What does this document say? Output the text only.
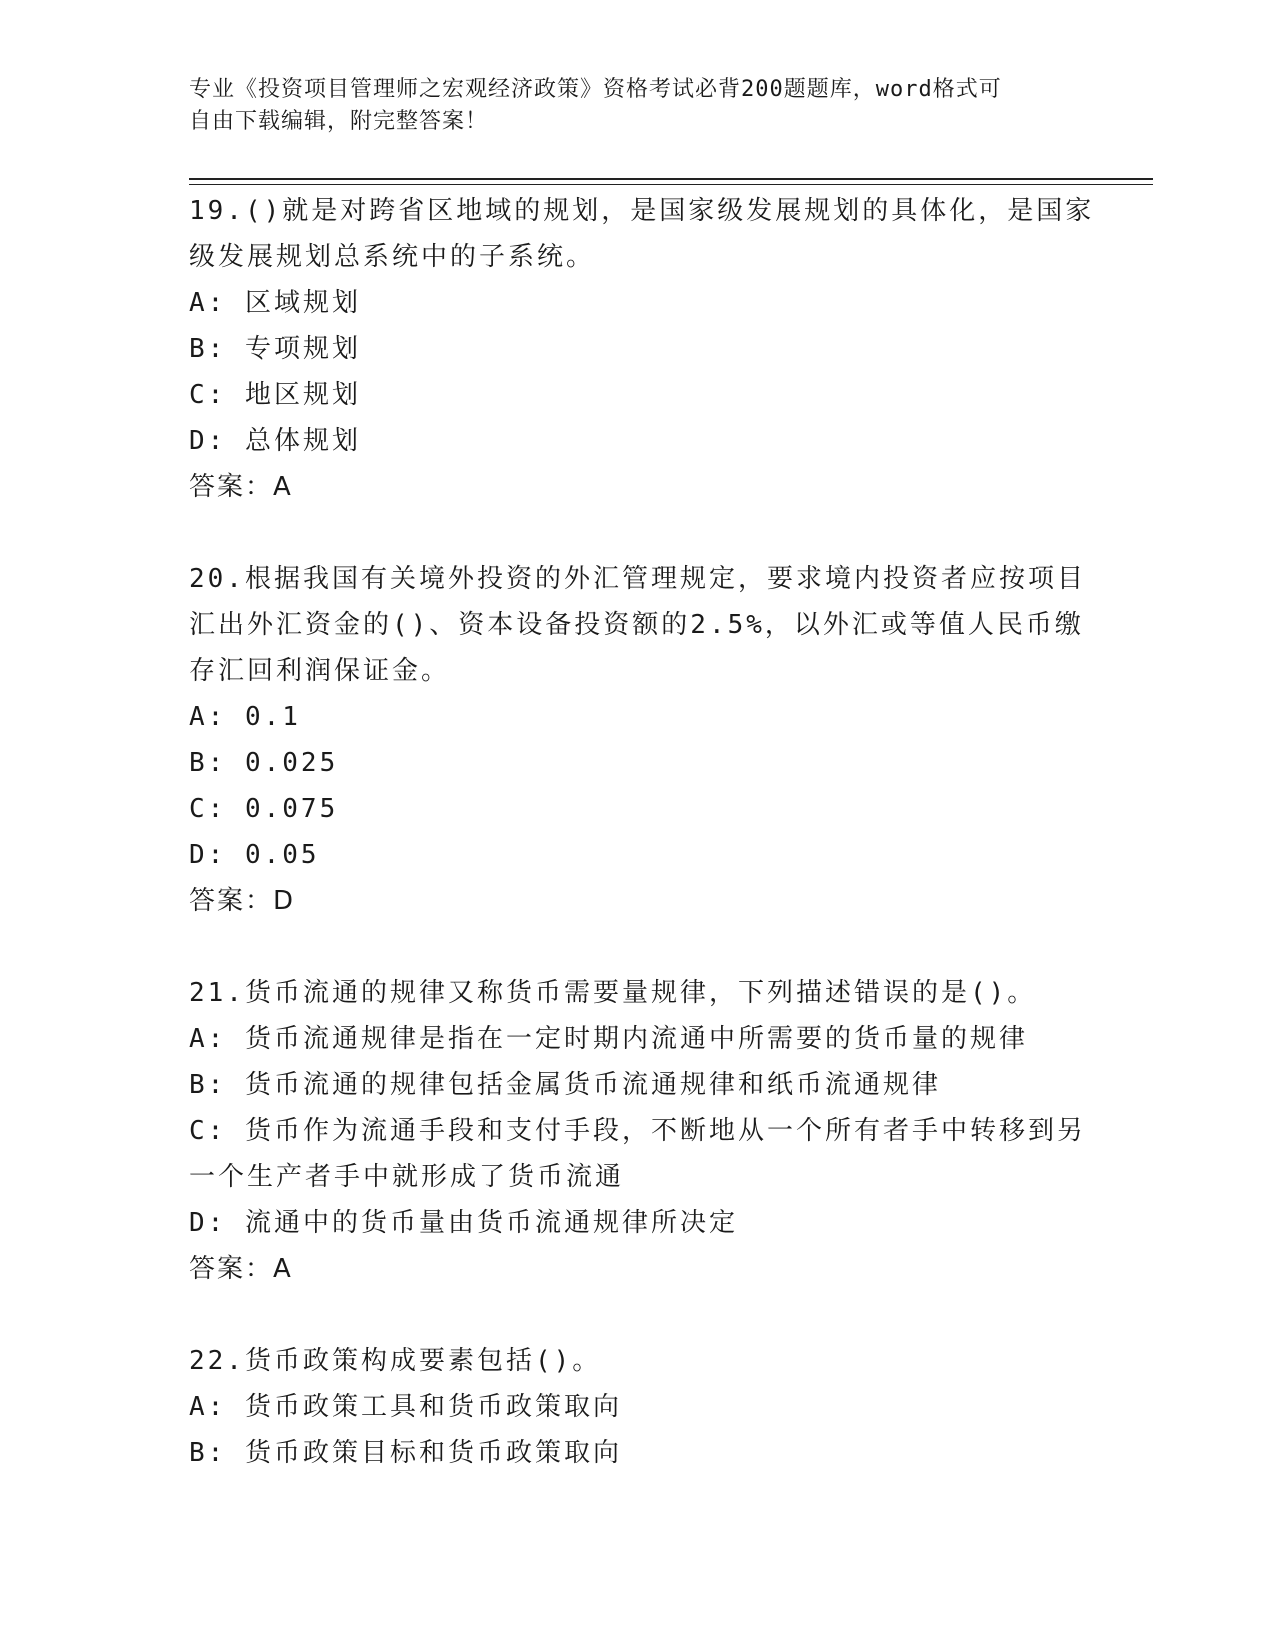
专业《投资项目管理师之宏观经济政策》资格考试必背200题题库，word格式可
自由下载编辑，附完整答案！
19.()就是对跨省区地域的规划，是国家级发展规划的具体化，是国家
级发展规划总系统中的子系统。
A: 区域规划
B: 专项规划
C: 地区规划
D: 总体规划
答案：A
20.根据我国有关境外投资的外汇管理规定，要求境内投资者应按项目
汇出外汇资金的()、资本设备投资额的2.5%，以外汇或等值人民币缴
存汇回利润保证金。
A: 0.1
B: 0.025
C: 0.075
D: 0.05
答案：D
21.货币流通的规律又称货币需要量规律，下列描述错误的是()。
A: 货币流通规律是指在一定时期内流通中所需要的货币量的规律
B: 货币流通的规律包括金属货币流通规律和纸币流通规律
C: 货币作为流通手段和支付手段，不断地从一个所有者手中转移到另
一个生产者手中就形成了货币流通
D: 流通中的货币量由货币流通规律所决定
答案：A
22.货币政策构成要素包括()。
A: 货币政策工具和货币政策取向
B: 货币政策目标和货币政策取向
